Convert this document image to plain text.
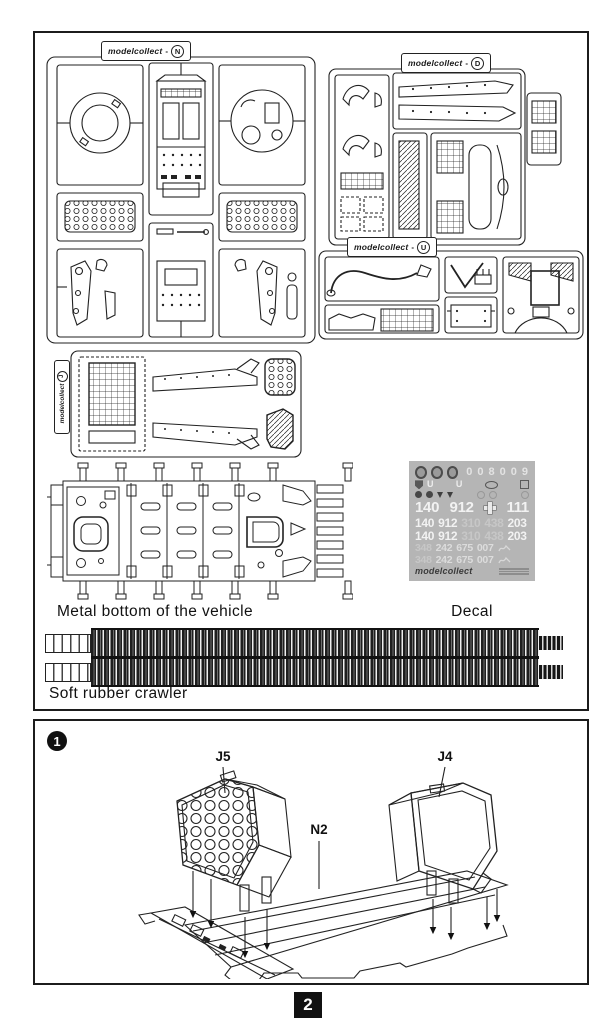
modelcollect - N
modelcollect - D
modelcollect - U
modelcollect
J
Metal bottom of the vehicle
0 0 8 0 0 9
U U
140 912 111
140 912 310 438 203
140 912 310 438 203
348 242 675 007
348 242 675 007
modelcollect
Decal
Soft rubber crawler
1
J5	J4
N2
2
